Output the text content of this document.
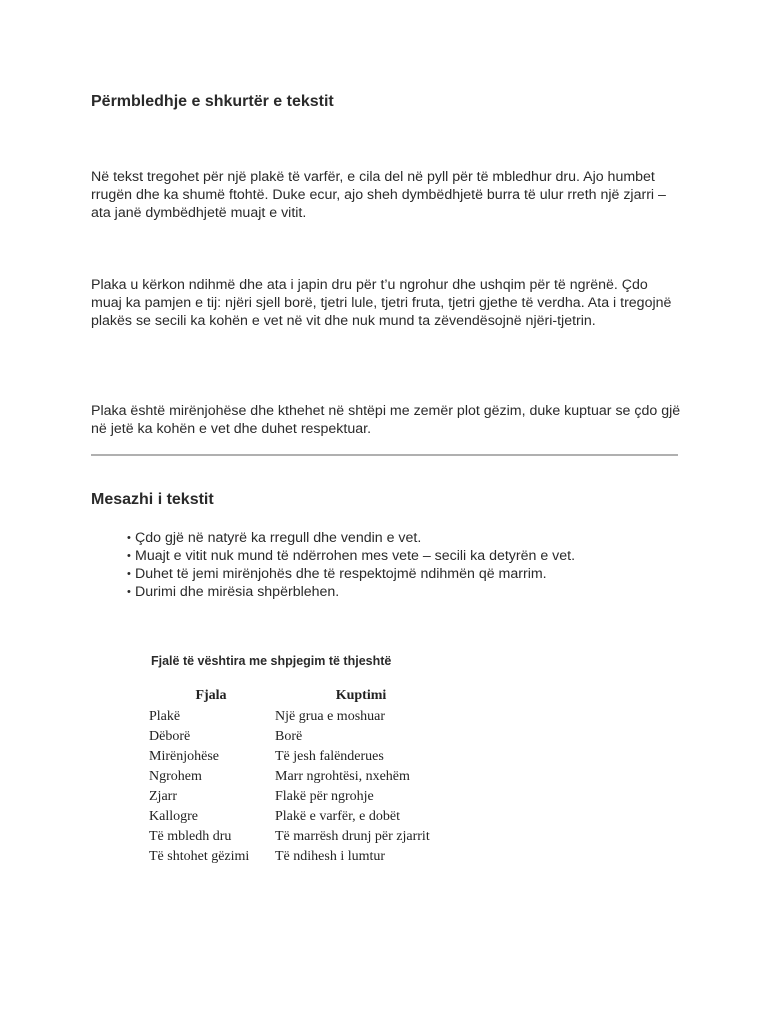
Përmbledhje e shkurtër e tekstit

Në tekst tregohet për një plakë të varfër, e cila del në pyll për të mbledhur dru. Ajo humbet rrugën dhe ka shumë ftohtë. Duke ecur, ajo sheh dymbëdhjetë burra të ulur rreth një zjarri – ata janë dymbëdhjetë muajt e vitit.

Plaka u kërkon ndihmë dhe ata i japin dru për t’u ngrohur dhe ushqim për të ngrënë. Çdo muaj ka pamjen e tij: njëri sjell borë, tjetri lule, tjetri fruta, tjetri gjethe të verdha. Ata i tregojnë plakës se secili ka kohën e vet në vit dhe nuk mund ta zëvendësojnë njëri-tjetrin.

Plaka është mirënjohëse dhe kthehet në shtëpi me zemër plot gëzim, duke kuptuar se çdo gjë në jetë ka kohën e vet dhe duhet respektuar.

Mesazhi i tekstit
• Çdo gjë në natyrë ka rregull dhe vendin e vet.
• Muajt e vitit nuk mund të ndërrohen mes vete – secili ka detyrën e vet.
• Duhet të jemi mirënjohës dhe të respektojmë ndihmën që marrim.
• Durimi dhe mirësia shpërblehen.
Fjalë të vështira me shpjegim të thjeshtë
Fjala	Kuptimi
Plakë	Një grua e moshuar
Dëborë	Borë
Mirënjohëse	Të jesh falënderues
Ngrohem	Marr ngrohtësi, nxehëm
Zjarr	Flakë për ngrohje
Kallogre	Plakë e varfër, e dobët
Të mbledh dru	Të marrësh drunj për zjarrit
Të shtohet gëzimi	Të ndihesh i lumtur
